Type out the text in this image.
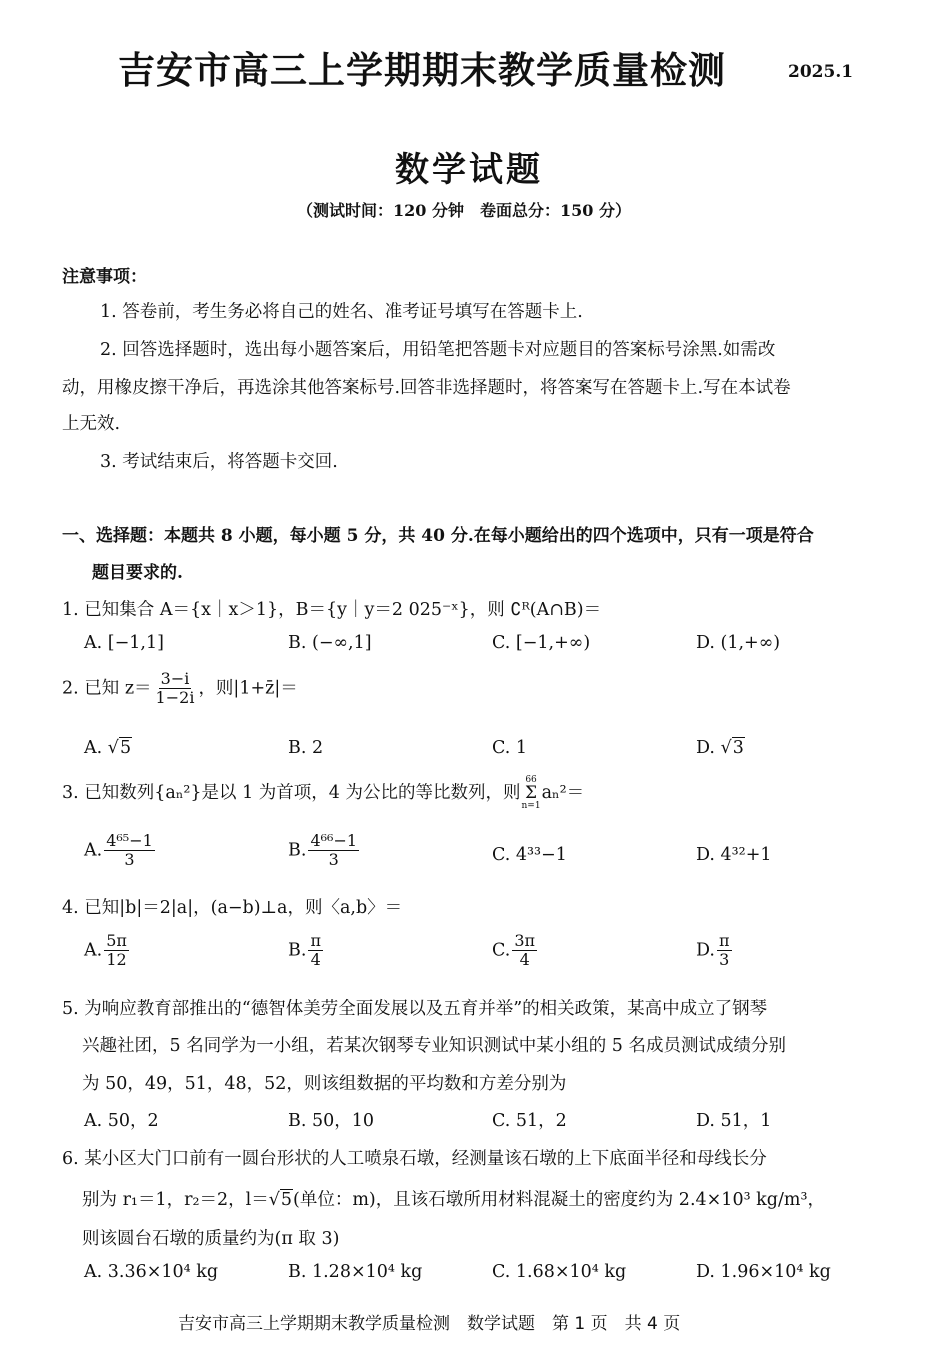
吉安市高三上学期期末教学质量检测	2025.1
数学试题
（测试时间：120 分钟　卷面总分：150 分）
注意事项：
1. 答卷前，考生务必将自己的姓名、准考证号填写在答题卡上.
2. 回答选择题时，选出每小题答案后，用铅笔把答题卡对应题目的答案标号涂黑.如需改
动，用橡皮擦干净后，再选涂其他答案标号.回答非选择题时，将答案写在答题卡上.写在本试卷
上无效.
3. 考试结束后，将答题卡交回.
一、选择题：本题共 8 小题，每小题 5 分，共 40 分.在每小题给出的四个选项中，只有一项是符合
题目要求的.
1. 已知集合 A＝{x｜x＞1}，B＝{y｜y＝2 025⁻ˣ}，则 ∁ᴿ(A∩B)＝
A. [−1,1]	B. (−∞,1]	C. [−1,+∞)	D. (1,+∞)
2. 已知 $z= \frac{3-i}{1-2i}$ ，则|1+z̄|＝
A. √5	B. 2	C. 1	D. √3
3. 已知数列{aₙ²}是以 1 为首项，4 为公比的等比数列，则
66
Σ
n=1
aₙ²＝
A. $\frac{\text{4⁶⁵−1}}{3}$	B. $\frac{\text{4⁶⁶−1}}{3}$	C. 4³³−1	D. 4³²+1
4. 已知|b|＝2|a|，(a−b)⊥a，则〈a,b〉＝
A. $\frac{5\pi}{12}$	B. $\frac{\pi}{4}$	C. $\frac{3\pi}{4}$	D. $\frac{\pi}{3}$
5. 为响应教育部推出的“德智体美劳全面发展以及五育并举”的相关政策，某高中成立了钢琴
兴趣社团，5 名同学为一小组，若某次钢琴专业知识测试中某小组的 5 名成员测试成绩分别
为 50，49，51，48，52，则该组数据的平均数和方差分别为
A. 50，2	B. 50，10	C. 51，2	D. 51，1
6. 某小区大门口前有一圆台形状的人工喷泉石墩，经测量该石墩的上下底面半径和母线长分
别为 r₁＝1，r₂＝2，l＝√5(单位：m)，且该石墩所用材料混凝土的密度约为 2.4×10³ kg/m³，
则该圆台石墩的质量约为(π 取 3)
A. 3.36×10⁴ kg	B. 1.28×10⁴ kg	C. 1.68×10⁴ kg	D. 1.96×10⁴ kg
吉安市高三上学期期末教学质量检测　数学试题　第 1 页　共 4 页
